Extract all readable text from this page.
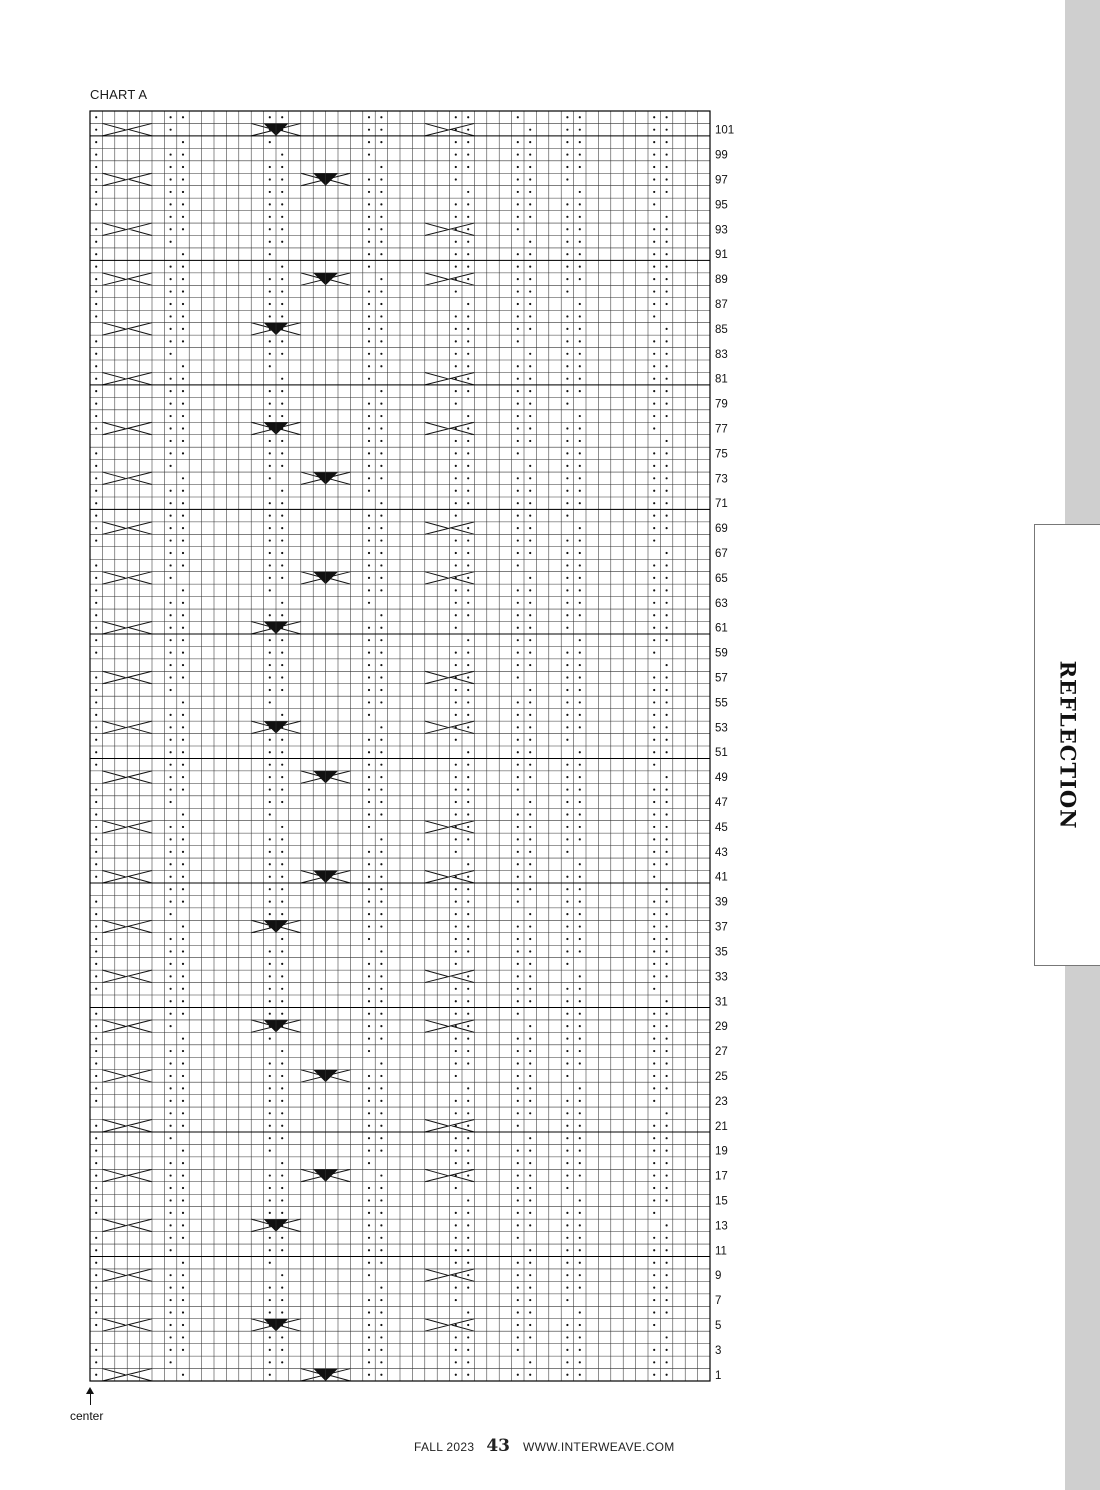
CHART A
101
99
97
95
93
91
89
87
85
83
81
79
77
75
73
71
69
67
65
63
61
59
57
55
53
51
49
47
45
43
41
39
37
35
33
31
29
27
25
23
21
19
17
15
13
11
9
7
5
3
1
center
FALL 2023 43 WWW.INTERWEAVE.COM
REFLECTION
